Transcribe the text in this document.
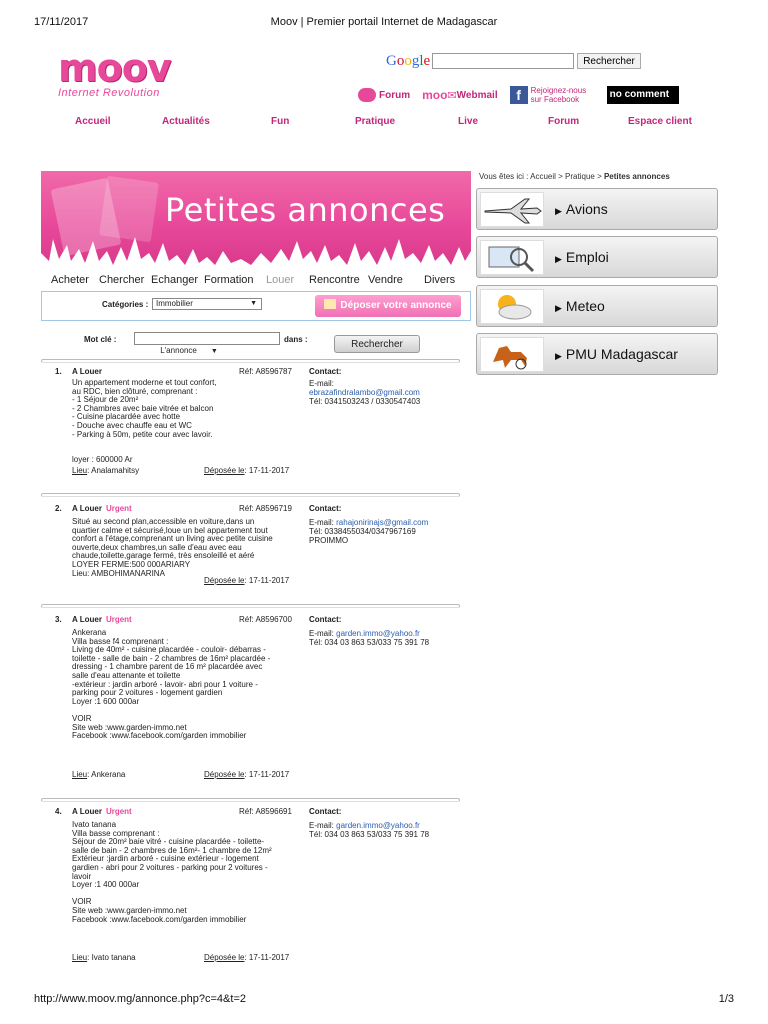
17/11/2017	Moov | Premier portail Internet de Madagascar
http://www.moov.mg/annonce.php?c=4&t=2	1/3
moov
Internet Revolution
Google	Rechercher
Forum moo ✉ Webmail	f	Rejoignez-nous sur Facebook	no comment
Accueil	Actualités	Fun	Pratique	Live	Forum	Espace client
Petites annonces
Acheter Chercher Echanger Formation Louer Rencontre Vendre Divers
Catégories : Immobilier	▼	Déposer votre annonce
Mot clé :	dans :
L'annonce ▼
Rechercher
1. A Louer	Réf: A8596787 Contact:
Un appartement moderne et tout confort,
au RDC, bien clôturé, comprenant :
- 1 Séjour de 20m²
- 2 Chambres avec baie vitrée et balcon
- Cuisine placardée avec hotte
- Douche avec chauffe eau et WC
- Parking à 50m, petite cour avec lavoir.

loyer : 600000 Ar
E-mail:
ebrazafindralambo@gmail.com
Tél: 0341503243 / 0330547403
Lieu: Analamahitsy	Déposée le: 17-11-2017
2. A Louer Urgent	Réf: A8596719 Contact:
Situé au second plan,accessible en voiture,dans un
quartier calme et sécurisé,loue un bel appartement tout
confort a l'étage,comprenant un living avec petite cuisine
ouverte,deux chambres,un salle d'eau avec eau
chaude,toilette,garage fermé, très ensoleillé et aéré
LOYER FERME:500 000ARIARY
Lieu: AMBOHIMANARINA
E-mail: rahajonirinajs@gmail.com
Tél: 0338455034/0347967169
PROIMMO
Déposée le: 17-11-2017
3. A Louer Urgent	Réf: A8596700 Contact:
Ankerana
Villa basse f4 comprenant :
Living de 40m² - cuisine placardée - couloir- débarras -
toilette - salle de bain - 2 chambres de 16m² placardée -
dressing - 1 chambre parent de 16 m² placardée avec
salle d'eau attenante et toilette
-extérieur : jardin arboré - lavoir- abri pour 1 voiture -
parking pour 2 voitures - logement gardien
Loyer :1 600 000ar

VOIR
Site web :www.garden-immo.net
Facebook :www.facebook.com/garden immobilier
E-mail: garden.immo@yahoo.fr
Tél: 034 03 863 53/033 75 391 78
Lieu: Ankerana	Déposée le: 17-11-2017
4. A Louer Urgent	Réf: A8596691 Contact:
Ivato tanana
Villa basse comprenant :
Séjour de 20m² baie vitré - cuisine placardée - toilette-
salle de bain - 2 chambres de 16m²- 1 chambre de 12m²
Extérieur :jardin arboré - cuisine extérieur - logement
gardien - abri pour 2 voitures - parking pour 2 voitures -
lavoir
Loyer :1 400 000ar

VOIR
Site web :www.garden-immo.net
Facebook :www.facebook.com/garden immobilier
E-mail: garden.immo@yahoo.fr
Tél: 034 03 863 53/033 75 391 78
Lieu: Ivato tanana	Déposée le: 17-11-2017
Vous êtes ici : Accueil > Pratique > Petites annonces
▶ Avions
▶ Emploi
▶ Meteo
▶ PMU Madagascar
